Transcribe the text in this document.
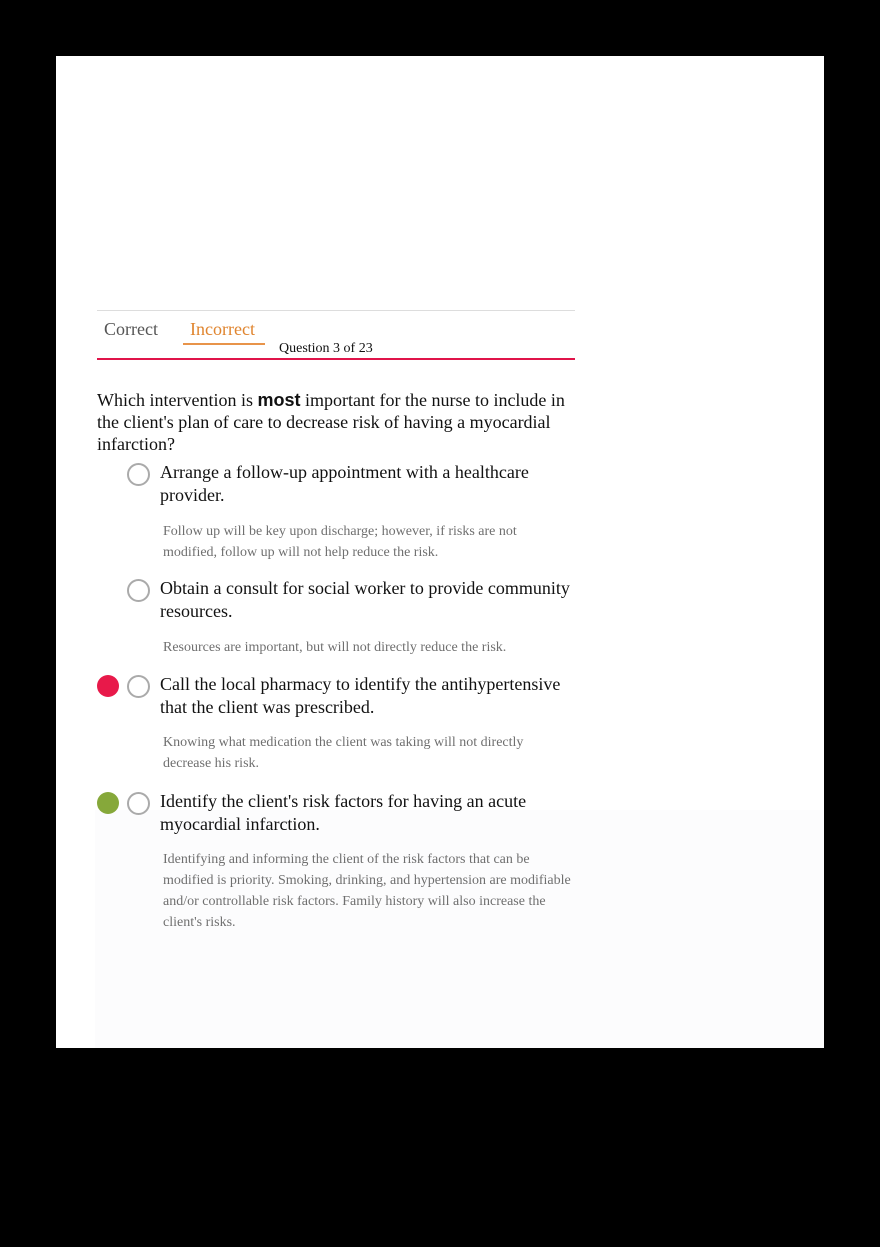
Correct Incorrect
Question 3 of 23
Which intervention is most important for the nurse to include in the client's plan of care to decrease risk of having a myocardial infarction?
Arrange a follow-up appointment with a healthcare provider.
Follow up will be key upon discharge; however, if risks are not modified, follow up will not help reduce the risk.
Obtain a consult for social worker to provide community resources.
Resources are important, but will not directly reduce the risk.
Call the local pharmacy to identify the antihypertensive that the client was prescribed.
Knowing what medication the client was taking will not directly decrease his risk.
Identify the client's risk factors for having an acute myocardial infarction.
Identifying and informing the client of the risk factors that can be modified is priority. Smoking, drinking, and hypertension are modifiable and/or controllable risk factors. Family history will also increase the client's risks.
